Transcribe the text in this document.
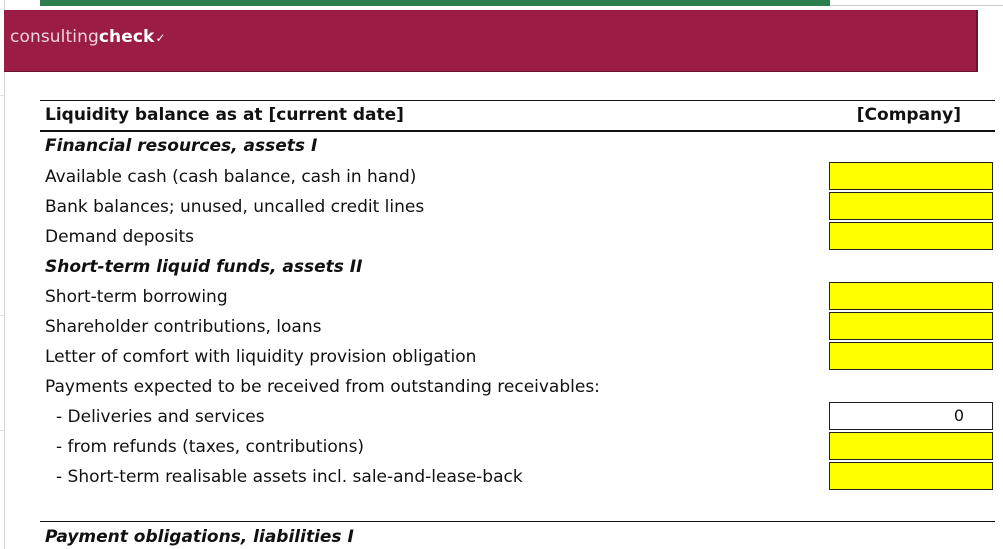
consultingcheck✓
Liquidity balance as at [current date]	[Company]
Financial resources, assets I
Available cash (cash balance, cash in hand)
Bank balances; unused, uncalled credit lines
Demand deposits
Short-term liquid funds, assets II
Short-term borrowing
Shareholder contributions, loans
Letter of comfort with liquidity provision obligation
Payments expected to be received from outstanding receivables:
- Deliveries and services
- from refunds (taxes, contributions)
- Short-term realisable assets incl. sale-and-lease-back
Payment obligations, liabilities I
0
